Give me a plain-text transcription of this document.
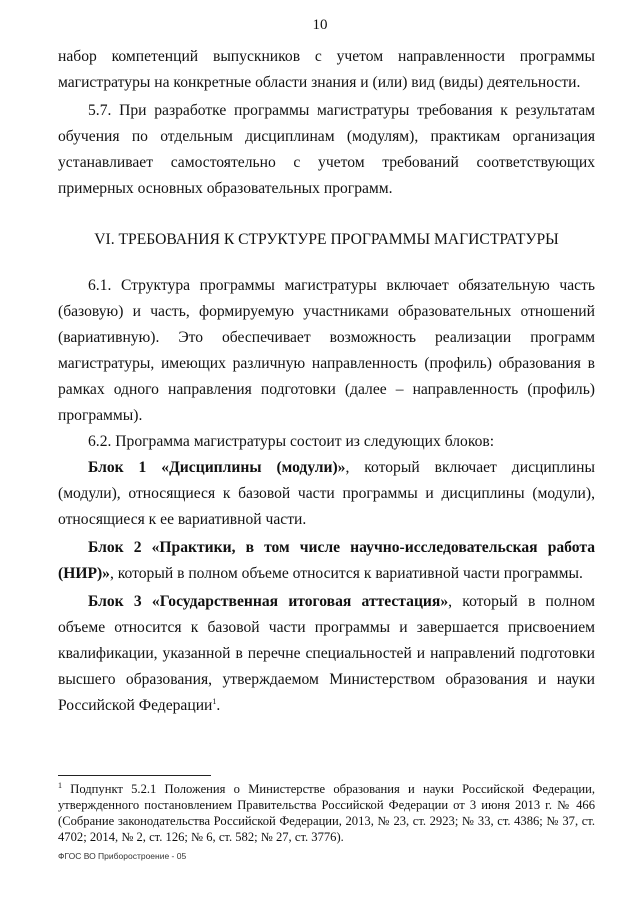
10

набор компетенций выпускников с учетом направленности программы магистратуры на конкретные области знания и (или) вид (виды) деятельности.

5.7. При разработке программы магистратуры требования к результатам обучения по отдельным дисциплинам (модулям), практикам организация устанавливает самостоятельно с учетом требований соответствующих примерных основных образовательных программ.

VI. ТРЕБОВАНИЯ К СТРУКТУРЕ ПРОГРАММЫ МАГИСТРАТУРЫ

6.1. Структура программы магистратуры включает обязательную часть (базовую) и часть, формируемую участниками образовательных отношений (вариативную). Это обеспечивает возможность реализации программ магистратуры, имеющих различную направленность (профиль) образования в рамках одного направления подготовки (далее – направленность (профиль) программы).

6.2. Программа магистратуры состоит из следующих блоков:

Блок 1 «Дисциплины (модули)», который включает дисциплины (модули), относящиеся к базовой части программы и дисциплины (модули), относящиеся к ее вариативной части.

Блок 2 «Практики, в том числе научно-исследовательская работа (НИР)», который в полном объеме относится к вариативной части программы.

Блок 3 «Государственная итоговая аттестация», который в полном объеме относится к базовой части программы и завершается присвоением квалификации, указанной в перечне специальностей и направлений подготовки высшего образования, утверждаемом Министерством образования и науки Российской Федерации$^1$.

$^1$ Подпункт 5.2.1 Положения о Министерстве образования и науки Российской Федерации, утвержденного постановлением Правительства Российской Федерации от 3 июня 2013 г. № 466 (Собрание законодательства Российской Федерации, 2013, № 23, ст. 2923; № 33, ст. 4386; № 37, ст. 4702; 2014, № 2, ст. 126; № 6, ст. 582; № 27, ст. 3776).
ФГОС ВО Приборостроение - 05
